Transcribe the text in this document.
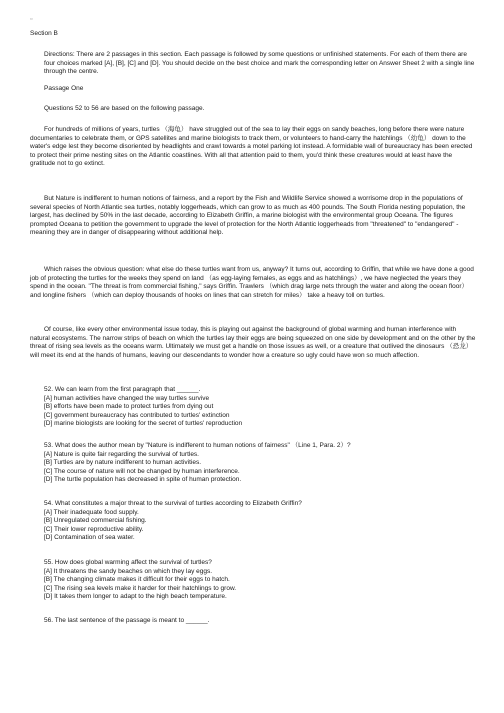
▫

Section B

Directions: There are 2 passages in this section. Each passage is followed by some questions or unfinished statements. For each of them there are four choices marked [A], [B], [C] and [D]. You should decide on the best choice and mark the corresponding letter on Answer Sheet 2 with a single line through the centre.

Passage One

Questions 52 to 56 are based on the following passage.

For hundreds of millions of years, turtles （海龟） have struggled out of the sea to lay their eggs on sandy beaches, long before there were nature documentaries to celebrate them, or GPS satellites and marine biologists to track them, or volunteers to hand-carry the hatchlings （幼龟） down to the water's edge lest they become disoriented by headlights and crawl towards a motel parking lot instead. A formidable wall of bureaucracy has been erected to protect their prime nesting sites on the Atlantic coastlines. With all that attention paid to them, you'd think these creatures would at least have the gratitude not to go extinct.

But Nature is indifferent to human notions of fairness, and a report by the Fish and Wildlife Service showed a worrisome drop in the populations of several species of North Atlantic sea turtles, notably loggerheads, which can grow to as much as 400 pounds. The South Florida nesting population, the largest, has declined by 50% in the last decade, according to Elizabeth Griffin, a marine biologist with the environmental group Oceana. The figures prompted Oceana to petition the government to upgrade the level of protection for the North Atlantic loggerheads from "threatened" to "endangered" - meaning they are in danger of disappearing without additional help.

Which raises the obvious question: what else do these turtles want from us, anyway? It turns out, according to Griffin, that while we have done a good job of protecting the turtles for the weeks they spend on land （as egg-laying females, as eggs and as hatchlings）, we have neglected the years they spend in the ocean. "The threat is from commercial fishing," says Griffin. Trawlers （which drag large nets through the water and along the ocean floor） and longline fishers （which can deploy thousands of hooks on lines that can stretch for miles） take a heavy toll on turtles.

Of course, like every other environmental issue today, this is playing out against the background of global warming and human interference with natural ecosystems. The narrow strips of beach on which the turtles lay their eggs are being squeezed on one side by development and on the other by the threat of rising sea levels as the oceans warm. Ultimately we must get a handle on those issues as well, or a creature that outlived the dinosaurs （恐龙） will meet its end at the hands of humans, leaving our descendants to wonder how a creature so ugly could have won so much affection.

52. We can learn from the first paragraph that ______.
[A] human activities have changed the way turtles survive
[B] efforts have been made to protect turtles from dying out
[C] government bureaucracy has contributed to turtles' extinction
[D] marine biologists are looking for the secret of turtles' reproduction
53. What does the author mean by "Nature is indifferent to human notions of fairness" （Line 1, Para. 2）?
[A] Nature is quite fair regarding the survival of turtles.
[B] Turtles are by nature indifferent to human activities.
[C] The course of nature will not be changed by human interference.
[D] The turtle population has decreased in spite of human protection.
54. What constitutes a major threat to the survival of turtles according to Elizabeth Griffin?
[A] Their inadequate food supply.
[B] Unregulated commercial fishing.
[C] Their lower reproductive ability.
[D] Contamination of sea water.
55. How does global warming affect the survival of turtles?
[A] It threatens the sandy beaches on which they lay eggs.
[B] The changing climate makes it difficult for their eggs to hatch.
[C] The rising sea levels make it harder for their hatchlings to grow.
[D] It takes them longer to adapt to the high beach temperature.
56. The last sentence of the passage is meant to ______.
